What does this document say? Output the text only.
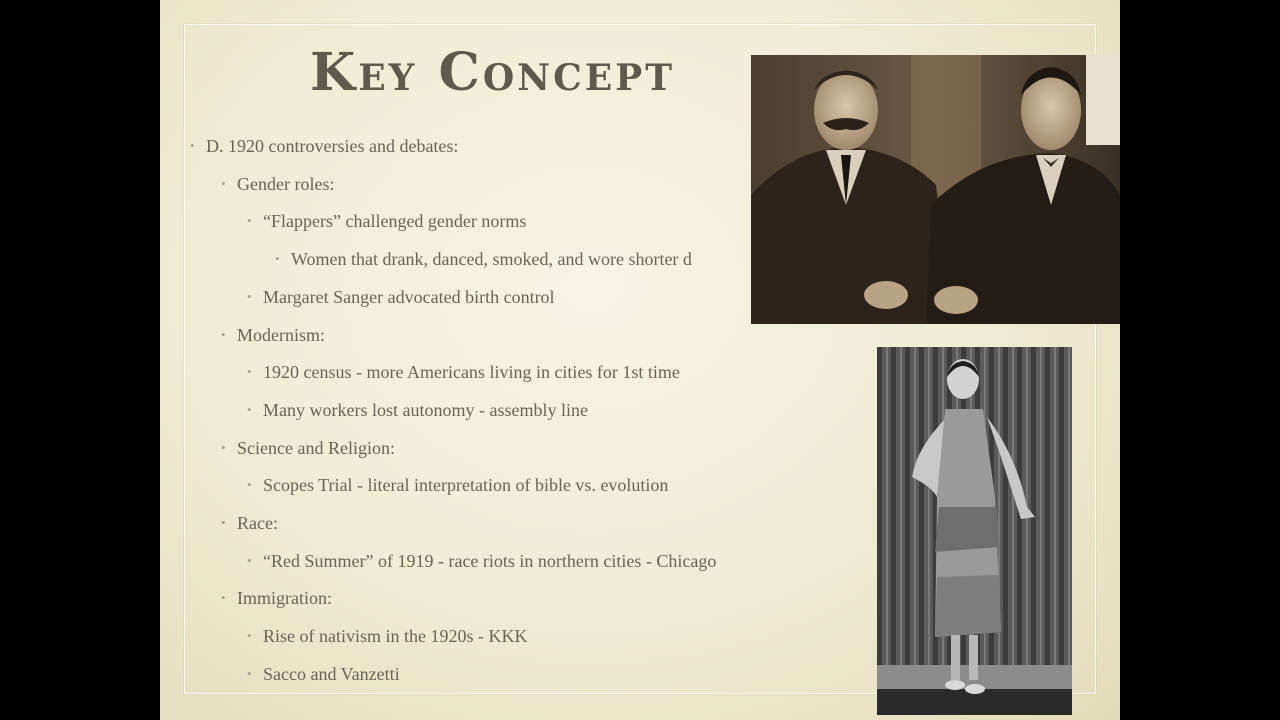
Key Concept
• D. 1920 controversies and debates:
• Gender roles:
• “Flappers” challenged gender norms
• Women that drank, danced, smoked, and wore shorter d
• Margaret Sanger advocated birth control
• Modernism:
• 1920 census - more Americans living in cities for 1st time
• Many workers lost autonomy - assembly line
• Science and Religion:
• Scopes Trial - literal interpretation of bible vs. evolution
• Race:
• “Red Summer” of 1919 - race riots in northern cities - Chicago
• Immigration:
• Rise of nativism in the 1920s - KKK
• Sacco and Vanzetti
